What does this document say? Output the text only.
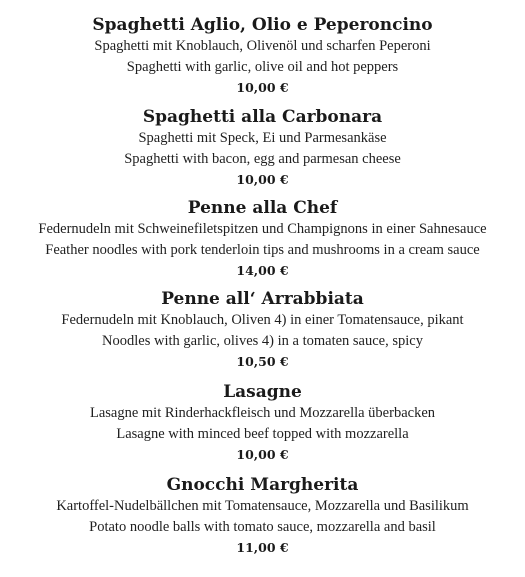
Spaghetti Aglio, Olio e Peperoncino
Spaghetti mit Knoblauch, Olivenöl und scharfen Peperoni
Spaghetti with garlic, olive oil and hot peppers
10,00 €
Spaghetti alla Carbonara
Spaghetti mit Speck, Ei und Parmesankäse
Spaghetti with bacon, egg and parmesan cheese
10,00 €
Penne alla Chef
Federnudeln mit Schweinefiletspitzen und Champignons in einer Sahnesauce
Feather noodles with pork tenderloin tips and mushrooms in a cream sauce
14,00 €
Penne all‘ Arrabbiata
Federnudeln mit Knoblauch, Oliven 4) in einer Tomatensauce, pikant
Noodles with garlic, olives 4) in a tomaten sauce, spicy
10,50 €
Lasagne
Lasagne mit Rinderhackfleisch und Mozzarella überbacken
Lasagne with minced beef topped with mozzarella
10,00 €
Gnocchi Margherita
Kartoffel-Nudelbällchen mit Tomatensauce, Mozzarella und Basilikum
Potato noodle balls with tomato sauce, mozzarella and basil
11,00 €
